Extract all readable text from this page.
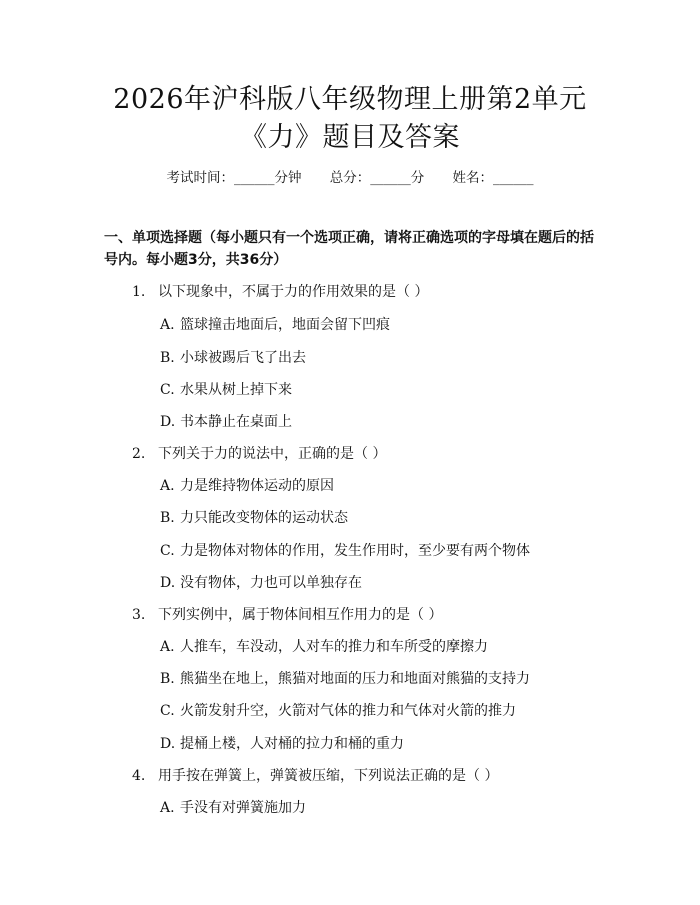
2026年沪科版八年级物理上册第2单元
《力》题目及答案
考试时间：______分钟 总分：______分 姓名：______
一、单项选择题（每小题只有一个选项正确，请将正确选项的字母填在题后的括号内。每小题3分，共36分）
1. 以下现象中，不属于力的作用效果的是（ ）
A. 篮球撞击地面后，地面会留下凹痕
B. 小球被踢后飞了出去
C. 水果从树上掉下来
D. 书本静止在桌面上
2. 下列关于力的说法中，正确的是（ ）
A. 力是维持物体运动的原因
B. 力只能改变物体的运动状态
C. 力是物体对物体的作用，发生作用时，至少要有两个物体
D. 没有物体，力也可以单独存在
3. 下列实例中，属于物体间相互作用力的是（ ）
A. 人推车，车没动，人对车的推力和车所受的摩擦力
B. 熊猫坐在地上，熊猫对地面的压力和地面对熊猫的支持力
C. 火箭发射升空，火箭对气体的推力和气体对火箭的推力
D. 提桶上楼，人对桶的拉力和桶的重力
4. 用手按在弹簧上，弹簧被压缩，下列说法正确的是（ ）
A. 手没有对弹簧施加力
